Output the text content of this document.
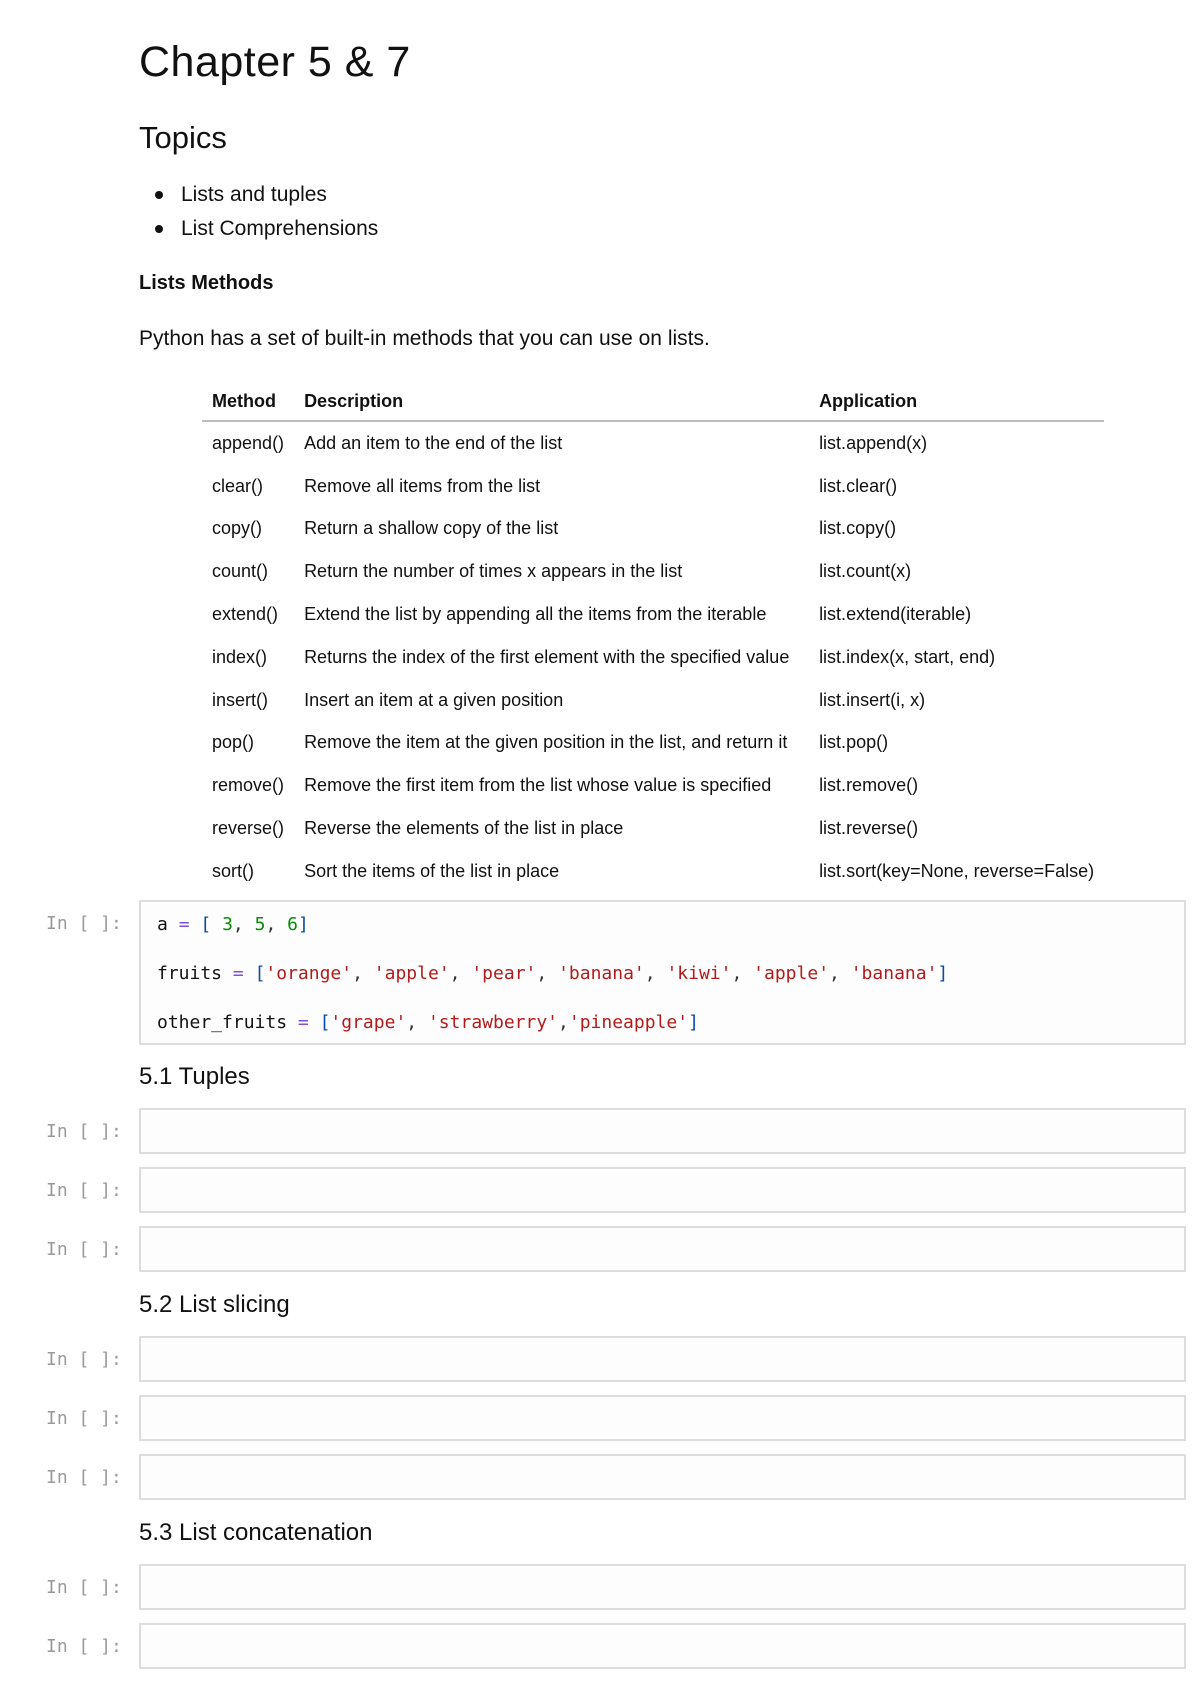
Chapter 5 & 7
Topics
Lists and tuples
List Comprehensions
Lists Methods

Python has a set of built-in methods that you can use on lists.

Method	Description	Application
append()	Add an item to the end of the list	list.append(x)
clear()	Remove all items from the list	list.clear()
copy()	Return a shallow copy of the list	list.copy()
count()	Return the number of times x appears in the list	list.count(x)
extend()	Extend the list by appending all the items from the iterable	list.extend(iterable)
index()	Returns the index of the first element with the specified value	list.index(x, start, end)
insert()	Insert an item at a given position	list.insert(i, x)
pop()	Remove the item at the given position in the list, and return it	list.pop()
remove()	Remove the first item from the list whose value is specified	list.remove()
reverse()	Reverse the elements of the list in place	list.reverse()
sort()	Sort the items of the list in place	list.sort(key=None, reverse=False)
In [ ]:	a = [ 3, 5, 6]
fruits = ['orange', 'apple', 'pear', 'banana', 'kiwi', 'apple', 'banana']
other_fruits = ['grape', 'strawberry','pineapple']
5.1 Tuples
In [ ]:
In [ ]:
In [ ]:
5.2 List slicing
In [ ]:
In [ ]:
In [ ]:
5.3 List concatenation
In [ ]:
In [ ]:
